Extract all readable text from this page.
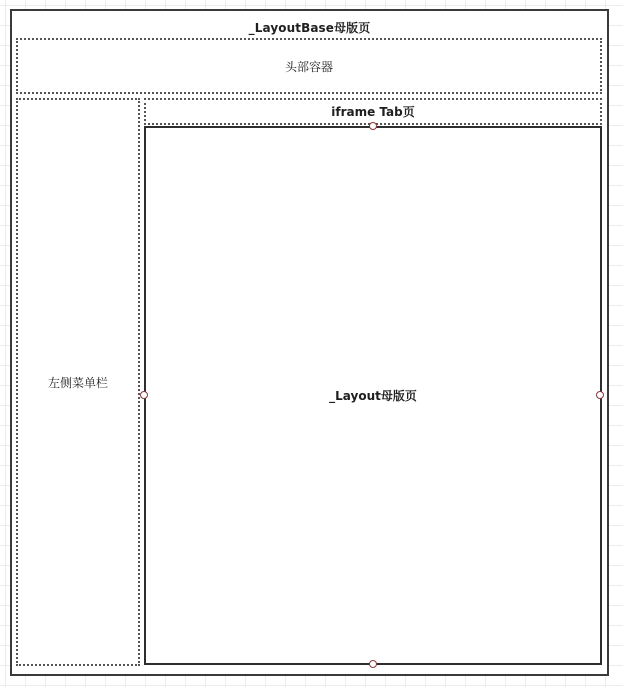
_LayoutBase母版页
头部容器
左侧菜单栏
iframe Tab页
_Layout母版页
